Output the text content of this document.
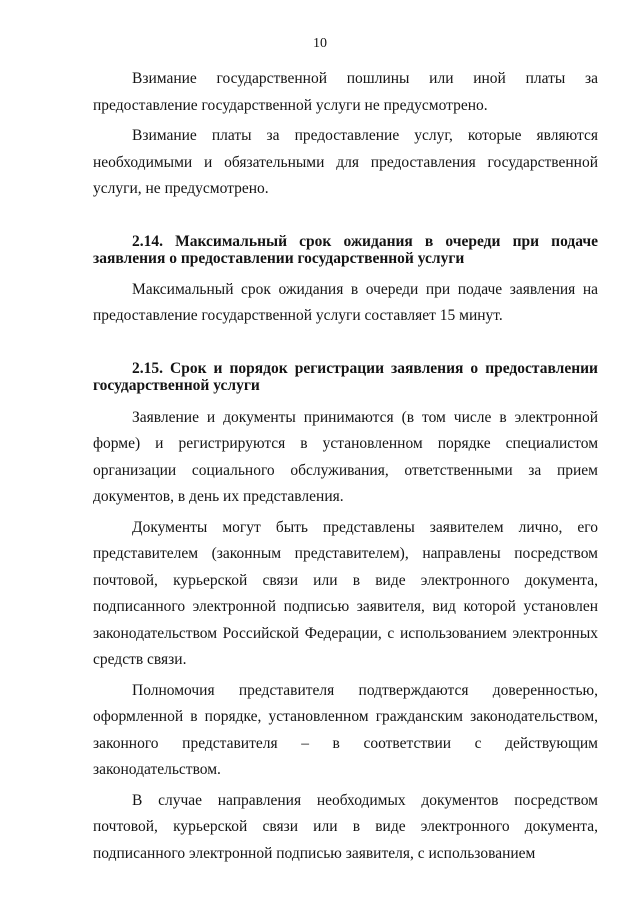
10

Взимание государственной пошлины или иной платы за предоставление государственной услуги не предусмотрено.

Взимание платы за предоставление услуг, которые являются необходимыми и обязательными для предоставления государственной услуги, не предусмотрено.

2.14. Максимальный срок ожидания в очереди при подаче заявления о предоставлении государственной услуги

Максимальный срок ожидания в очереди при подаче заявления на предоставление государственной услуги составляет 15 минут.

2.15. Срок и порядок регистрации заявления о предоставлении государственной услуги

Заявление и документы принимаются (в том числе в электронной форме) и регистрируются в установленном порядке специалистом организации социального обслуживания, ответственными за прием документов, в день их представления.

Документы могут быть представлены заявителем лично, его представителем (законным представителем), направлены посредством почтовой, курьерской связи или в виде электронного документа, подписанного электронной подписью заявителя, вид которой установлен законодательством Российской Федерации, с использованием электронных средств связи.

Полномочия представителя подтверждаются доверенностью, оформленной в порядке, установленном гражданским законодательством, законного представителя – в соответствии с действующим законодательством.

В случае направления необходимых документов посредством почтовой, курьерской связи или в виде электронного документа, подписанного электронной подписью заявителя, с использованием
